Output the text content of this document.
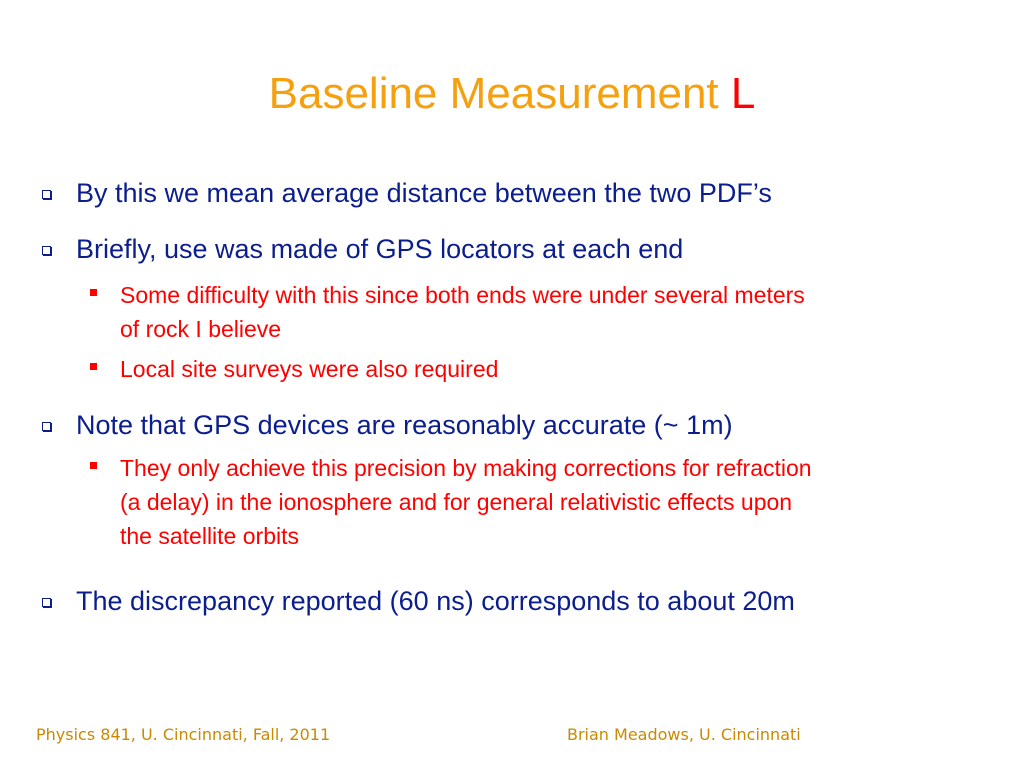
Baseline Measurement L
By this we mean average distance between the two PDF’s
Briefly, use was made of GPS locators at each end
Some difficulty with this since both ends were under several meters
of rock I believe
Local site surveys were also required
Note that GPS devices are reasonably accurate (~ 1m)
They only achieve this precision by making corrections for refraction
(a delay) in the ionosphere and for general relativistic effects upon
the satellite orbits
The discrepancy reported (60 ns) corresponds to about 20m
Physics 841, U. Cincinnati, Fall, 2011	Brian Meadows, U. Cincinnati
